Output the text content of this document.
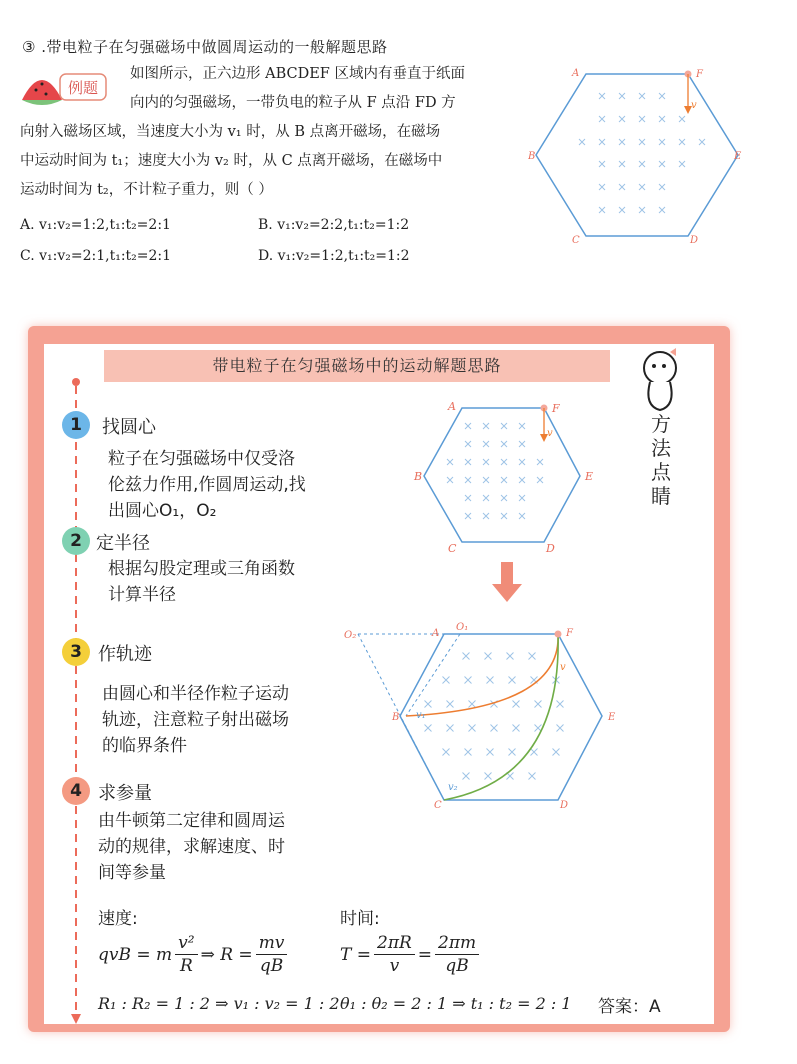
③ .带电粒子在匀强磁场中做圆周运动的一般解题思路
例题
如图所示，正六边形 ABCDEF 区域内有垂直于纸面
向内的匀强磁场，一带负电的粒子从 F 点沿 FD 方
向射入磁场区域，当速度大小为 v₁ 时，从 B 点离开磁场，在磁场
中运动时间为 t₁；速度大小为 v₂ 时，从 C 点离开磁场，在磁场中
运动时间为 t₂，不计粒子重力，则（ ）
A. v₁:v₂=1:2,t₁:t₂=2:1	B. v₁:v₂=2:2,t₁:t₂=1:2
C. v₁:v₂=2:1,t₁:t₂=2:1	D. v₁:v₂=1:2,t₁:t₂=1:2
v
A	F
B	E
C	D
带电粒子在匀强磁场中的运动解题思路
方
法
点
睛
1	找圆心
粒子在匀强磁场中仅受洛
伦兹力作用,作圆周运动,找
出圆心O₁，O₂
2 定半径
根据勾股定理或三角函数
计算半径
3 作轨迹
由圆心和半径作粒子运动
轨迹，注意粒子射出磁场
的临界条件
4 求参量
由牛顿第二定律和圆周运
动的规律，求解速度、时
间等参量
v
A	F
B	E
C	D
O₂
O₁
A	F
B	E
C	D
v
v₁
v₂
速度:	时间:
qvB = m $\frac{\text{v²}}{R}$ ⇒ $R = \frac{mv}{qB}$	$T = \frac{2\pi R}{v} = \frac{2\pi m}{qB}$
R₁ : R₂ = 1 : 2 ⇒ v₁ : v₂ = 1 : 2 θ₁ : θ₂ = 2 : 1 ⇒ t₁ : t₂ = 2 : 1 答案：A
